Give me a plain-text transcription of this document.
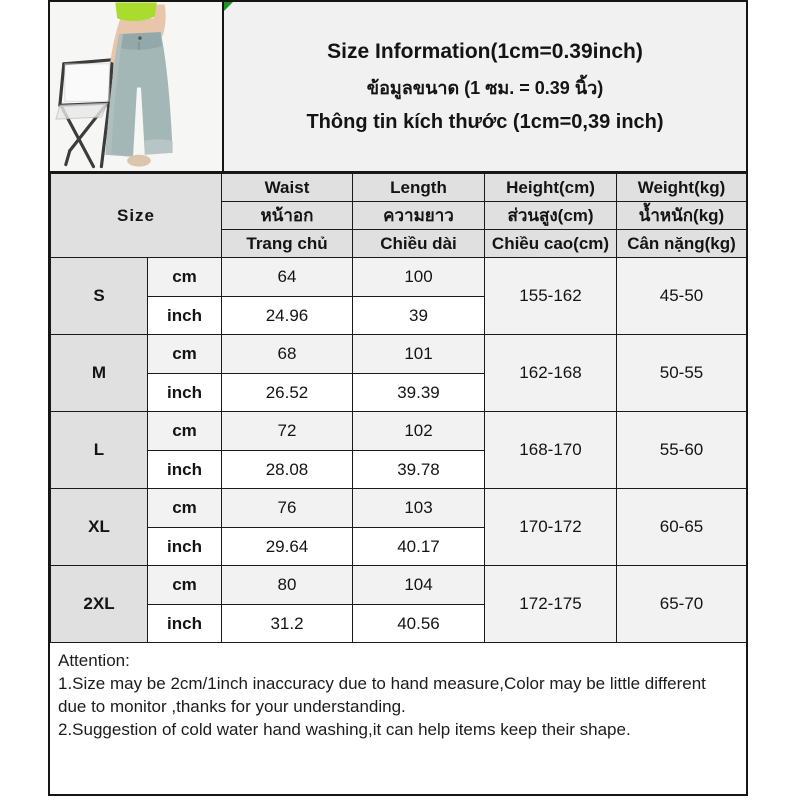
Size Information(1cm=0.39inch)
ข้อมูลขนาด (1 ซม. = 0.39 นิ้ว)
Thông tin kích thước (1cm=0,39 inch)
Size		Waist	Length	Height(cm)	Weight(kg)
		หน้าอก	ความยาว	ส่วนสูง(cm)	น้ำหนัก(kg)
		Trang chủ	Chiều dài	Chiều cao(cm)	Cân nặng(kg)
S	cm	64	100	155-162	45-50
	inch	24.96	39		
M	cm	68	101	162-168	50-55
	inch	26.52	39.39		
L	cm	72	102	168-170	55-60
	inch	28.08	39.78		
XL	cm	76	103	170-172	60-65
	inch	29.64	40.17		
2XL	cm	80	104	172-175	65-70
	inch	31.2	40.56		

Attention:

1.Size may be 2cm/1inch inaccuracy due to hand measure,Color may be little different due to monitor ,thanks for your understanding.

2.Suggestion of cold water hand washing,it can help items keep their shape.
